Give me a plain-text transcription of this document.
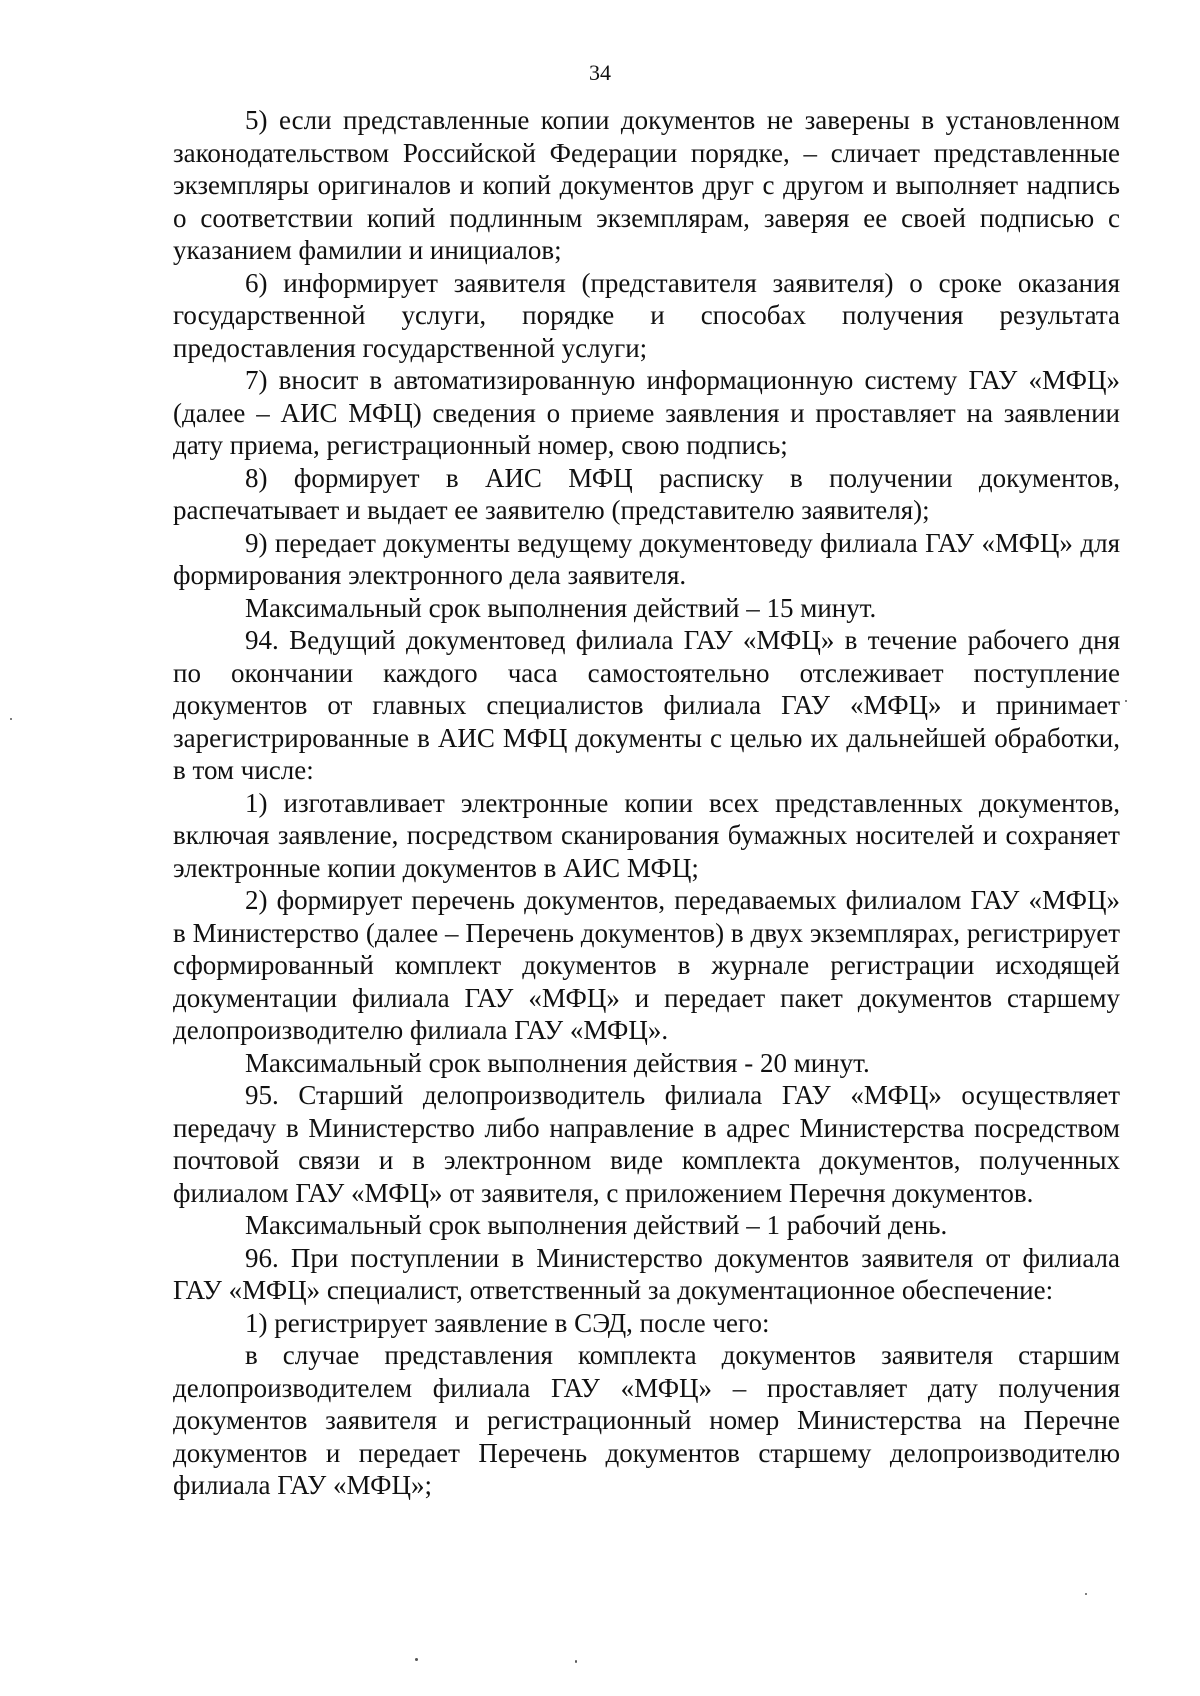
34

5) если представленные копии документов не заверены в установленном законодательством Российской Федерации порядке, – сличает представленные экземпляры оригиналов и копий документов друг с другом и выполняет надпись о соответствии копий подлинным экземплярам, заверяя ее своей подписью с указанием фамилии и инициалов;

6) информирует заявителя (представителя заявителя) о сроке оказания государственной услуги, порядке и способах получения результата предоставления государственной услуги;

7) вносит в автоматизированную информационную систему ГАУ «МФЦ» (далее – АИС МФЦ) сведения о приеме заявления и проставляет на заявлении дату приема, регистрационный номер, свою подпись;

8) формирует в АИС МФЦ расписку в получении документов, распечатывает и выдает ее заявителю (представителю заявителя);

9) передает документы ведущему документоведу филиала ГАУ «МФЦ» для формирования электронного дела заявителя.

Максимальный срок выполнения действий – 15 минут.

94. Ведущий документовед филиала ГАУ «МФЦ» в течение рабочего дня по окончании каждого часа самостоятельно отслеживает поступление документов от главных специалистов филиала ГАУ «МФЦ» и принимает зарегистрированные в АИС МФЦ документы с целью их дальнейшей обработки, в том числе:

1) изготавливает электронные копии всех представленных документов, включая заявление, посредством сканирования бумажных носителей и сохраняет электронные копии документов в АИС МФЦ;

2) формирует перечень документов, передаваемых филиалом ГАУ «МФЦ» в Министерство (далее – Перечень документов) в двух экземплярах, регистрирует сформированный комплект документов в журнале регистрации исходящей документации филиала ГАУ «МФЦ» и передает пакет документов старшему делопроизводителю филиала ГАУ «МФЦ».

Максимальный срок выполнения действия - 20 минут.

95. Старший делопроизводитель филиала ГАУ «МФЦ» осуществляет передачу в Министерство либо направление в адрес Министерства посредством почтовой связи и в электронном виде комплекта документов, полученных филиалом ГАУ «МФЦ» от заявителя, с приложением Перечня документов.

Максимальный срок выполнения действий – 1 рабочий день.

96. При поступлении в Министерство документов заявителя от филиала ГАУ «МФЦ» специалист, ответственный за документационное обеспечение:

1) регистрирует заявление в СЭД, после чего:

в случае представления комплекта документов заявителя старшим делопроизводителем филиала ГАУ «МФЦ» – проставляет дату получения документов заявителя и регистрационный номер Министерства на Перечне документов и передает Перечень документов старшему делопроизводителю филиала ГАУ «МФЦ»;
